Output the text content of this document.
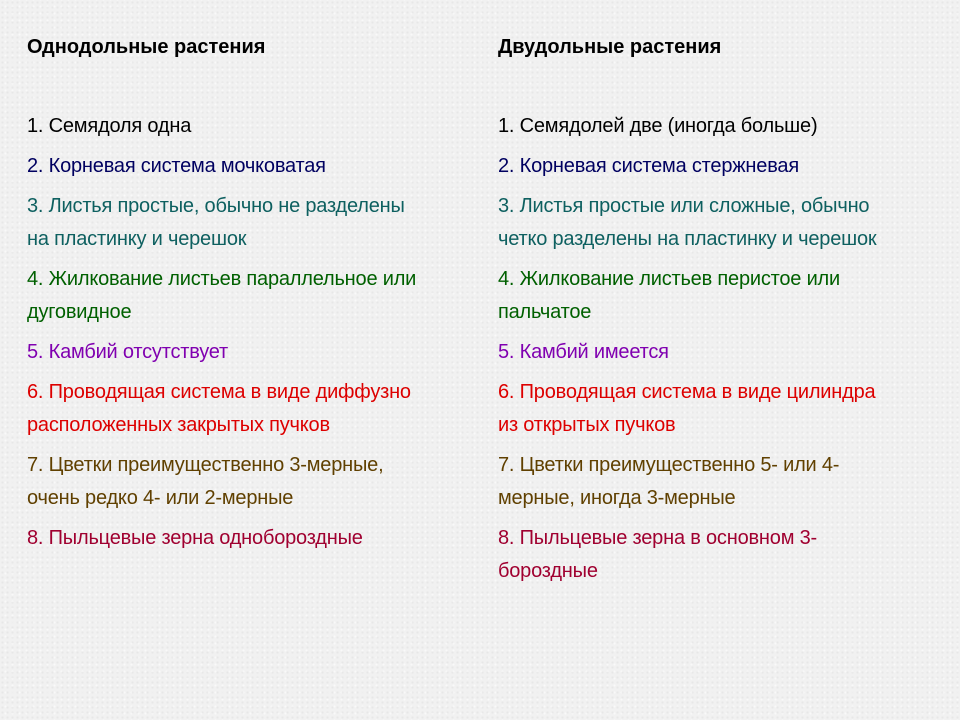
Однодольные растения
1. Семядоля одна
2. Корневая система мочковатая
3. Листья простые, обычно не разделены
на пластинку и черешок
4. Жилкование листьев параллельное или
дуговидное
5. Камбий отсутствует
6. Проводящая система в виде диффузно
расположенных закрытых пучков
7. Цветки преимущественно 3-мерные,
очень редко 4- или 2-мерные
8. Пыльцевые зерна однобороздные
Двудольные растения
1. Семядолей две (иногда больше)
2. Корневая система стержневая
3. Листья простые или сложные, обычно
четко разделены на пластинку и черешок
4. Жилкование листьев перистое или
пальчатое
5. Камбий имеется
6. Проводящая система в виде цилиндра
из открытых пучков
7. Цветки преимущественно 5- или 4-
мерные, иногда 3-мерные
8. Пыльцевые зерна в основном 3-
бороздные
